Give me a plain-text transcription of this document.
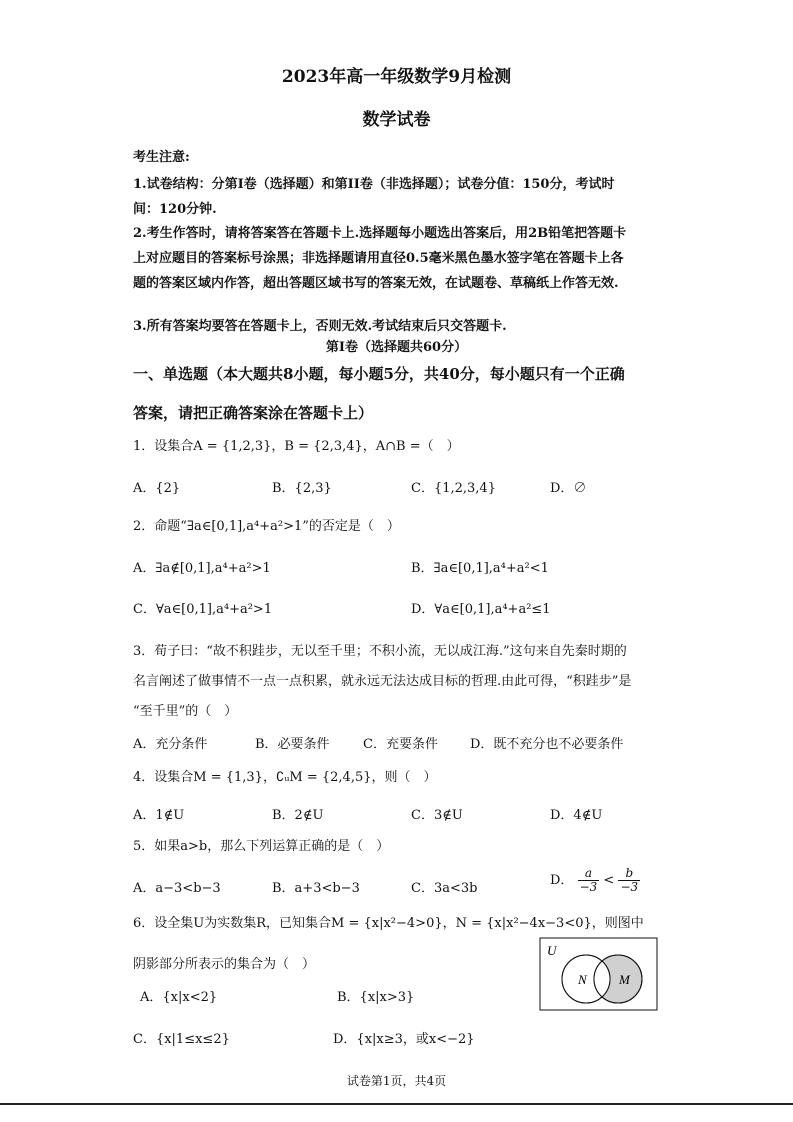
2023年高一年级数学9月检测
数学试卷
考生注意:
1.试卷结构：分第Ⅰ卷（选择题）和第ⅠⅠ卷（非选择题）；试卷分值：150分，考试时
间：120分钟.
2.考生作答时，请将答案答在答题卡上.选择题每小题选出答案后，用2B铅笔把答题卡
上对应题目的答案标号涂黑；非选择题请用直径0.5毫米黑色墨水签字笔在答题卡上各
题的答案区域内作答，超出答题区域书写的答案无效，在试题卷、草稿纸上作答无效.
3.所有答案均要答在答题卡上，否则无效.考试结束后只交答题卡.
第Ⅰ卷（选择题共60分）
一、单选题（本大题共8小题，每小题5分，共40分，每小题只有一个正确
答案，请把正确答案涂在答题卡上）
1．设集合A = {1,2,3}，B = {2,3,4}，A∩B =（　）
A．{2}	B．{2,3}	C．{1,2,3,4}	D．∅
2．命题“∃a∈[0,1],a⁴+a²>1”的否定是（　）
A．∃a∉[0,1],a⁴+a²>1	B．∃a∈[0,1],a⁴+a²<1
C．∀a∈[0,1],a⁴+a²>1	D．∀a∈[0,1],a⁴+a²≤1
3．荀子曰：“故不积跬步，无以至千里；不积小流，无以成江海.”这句来自先秦时期的
名言阐述了做事情不一点一点积累，就永远无法达成目标的哲理.由此可得，“积跬步”是
“至千里”的（　）
A．充分条件	B．必要条件	C．充要条件 D．既不充分也不必要条件
4．设集合M = {1,3}，∁ᵤM = {2,4,5}，则（　）
A．1∉U	B．2∉U	C．3∉U	D．4∉U
5．如果a>b，那么下列运算正确的是（　）
A．a−3<b−3	B．a+3<b−3	C．3a<3b
D． $\frac{a}{-3} < \frac{b}{-3}$
6．设全集U为实数集R，已知集合M = {x|x²−4>0}，N = {x|x²−4x−3<0}，则图中
阴影部分所表示的集合为（　）
A．{x|x<2}	B．{x|x>3}
C．{x|1≤x≤2}	D．{x|x≥3，或x<−2}
U
N M
试卷第1页，共4页
